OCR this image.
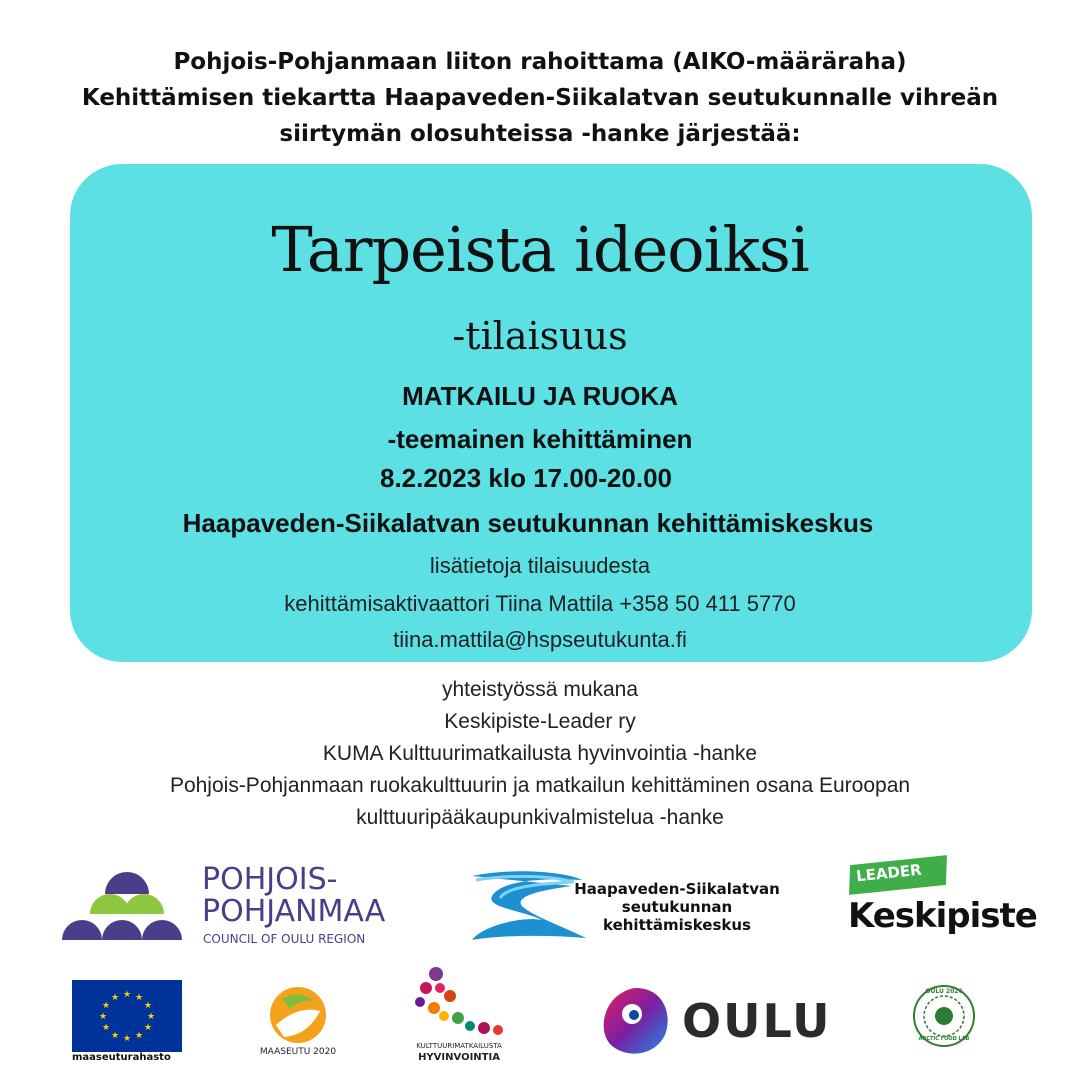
Pohjois-Pohjanmaan liiton rahoittama (AIKO-määräraha)
Kehittämisen tiekartta Haapaveden-Siikalatvan seutukunnalle vihreän
siirtymän olosuhteissa -hanke järjestää:
Tarpeista ideoiksi
-tilaisuus
MATKAILU JA RUOKA
-teemainen kehittäminen
8.2.2023 klo 17.00-20.00
Haapaveden-Siikalatvan seutukunnan kehittämiskeskus
lisätietoja tilaisuudesta
kehittämisaktivaattori Tiina Mattila +358 50 411 5770
tiina.mattila@hspseutukunta.fi
yhteistyössä mukana
Keskipiste-Leader ry
KUMA Kulttuurimatkailusta hyvinvointia -hanke
Pohjois-Pohjanmaan ruokakulttuurin ja matkailun kehittäminen osana Euroopan
kulttuuripääkaupunkivalmistelua -hanke
POHJOIS-
POHJANMAA
COUNCIL OF OULU REGION
Haapaveden-Siikalatvan
seutukunnan
kehittämiskeskus
LEADER
Keskipiste
★ ★
★
★
★
★
★
★
★
★
★
★
maaseuturahasto	MAASEUTU 2020
KULTTUURIMATKAILUSTA
HYVINVOINTIA
OULU
OULU 2026
ARCTIC FOOD LAB
